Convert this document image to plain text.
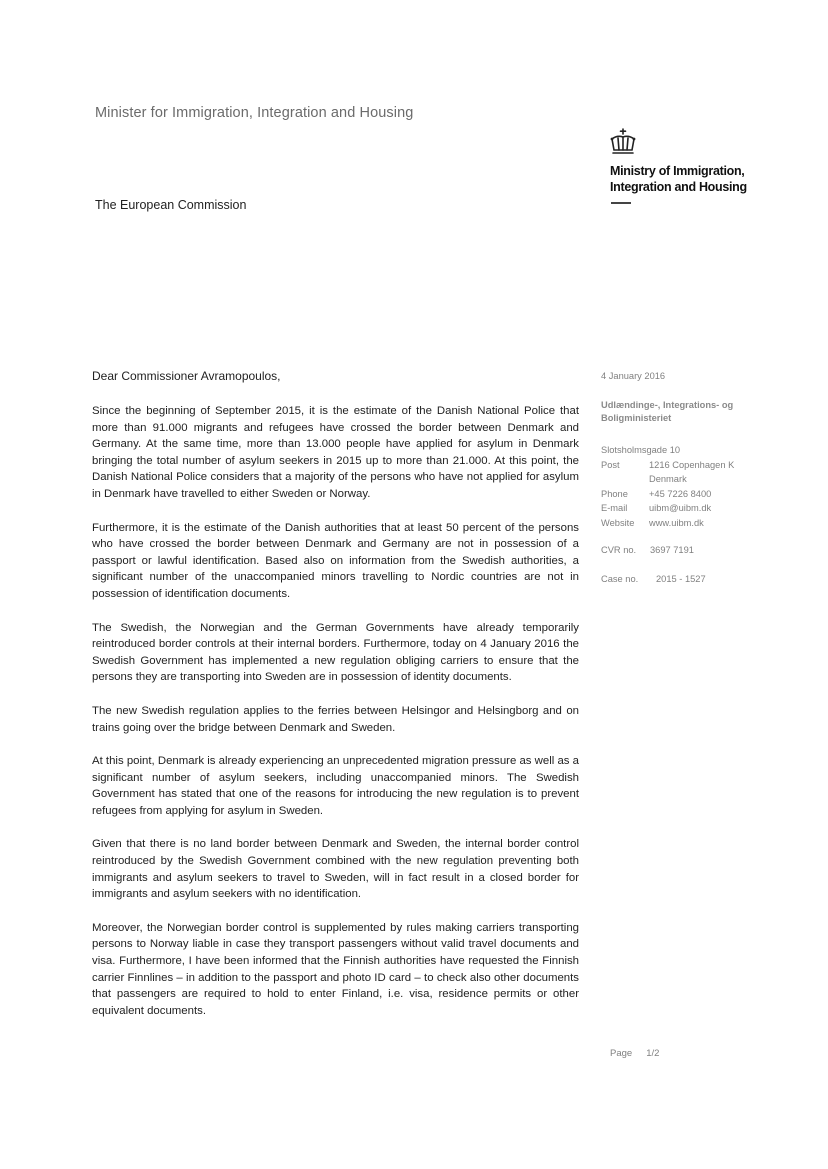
Minister for Immigration, Integration and Housing
Ministry of Immigration,
Integration and Housing
The European Commission
Dear Commissioner Avramopoulos,

Since the beginning of September 2015, it is the estimate of the Danish National Police that more than 91.000 migrants and refugees have crossed the border between Denmark and Germany. At the same time, more than 13.000 people have applied for asylum in Denmark bringing the total number of asylum seekers in 2015 up to more than 21.000. At this point, the Danish National Police considers that a majority of the persons who have not applied for asylum in Denmark have travelled to either Sweden or Norway.

Furthermore, it is the estimate of the Danish authorities that at least 50 percent of the persons who have crossed the border between Denmark and Germany are not in possession of a passport or lawful identification. Based also on information from the Swedish authorities, a significant number of the unaccompanied minors travelling to Nordic countries are not in possession of identification documents.

The Swedish, the Norwegian and the German Governments have already temporarily reintroduced border controls at their internal borders. Furthermore, today on 4 January 2016 the Swedish Government has implemented a new regulation obliging carriers to ensure that the persons they are transporting into Sweden are in possession of identity documents.

The new Swedish regulation applies to the ferries between Helsingor and Helsingborg and on trains going over the bridge between Denmark and Sweden.

At this point, Denmark is already experiencing an unprecedented migration pressure as well as a significant number of asylum seekers, including unaccompanied minors. The Swedish Government has stated that one of the reasons for introducing the new regulation is to prevent refugees from applying for asylum in Sweden.

Given that there is no land border between Denmark and Sweden, the internal border control reintroduced by the Swedish Government combined with the new regulation preventing both immigrants and asylum seekers to travel to Sweden, will in fact result in a closed border for immigrants and asylum seekers with no identification.

Moreover, the Norwegian border control is supplemented by rules making carriers transporting persons to Norway liable in case they transport passengers without valid travel documents and visa. Furthermore, I have been informed that the Finnish authorities have requested the Finnish carrier Finnlines – in addition to the passport and photo ID card – to check also other documents that passengers are required to hold to enter Finland, i.e. visa, residence permits or other equivalent documents.

4 January 2016
Udlændinge-, Integrations- og
Boligministeriet
Slotsholmsgade 10
Post	1216 Copenhagen K
Denmark
Phone	+45 7226 8400
E-mail	uibm@uibm.dk
Website	www.uibm.dk
CVR no.	3697 7191
Case no.	2015 - 1527
Page 1/2
